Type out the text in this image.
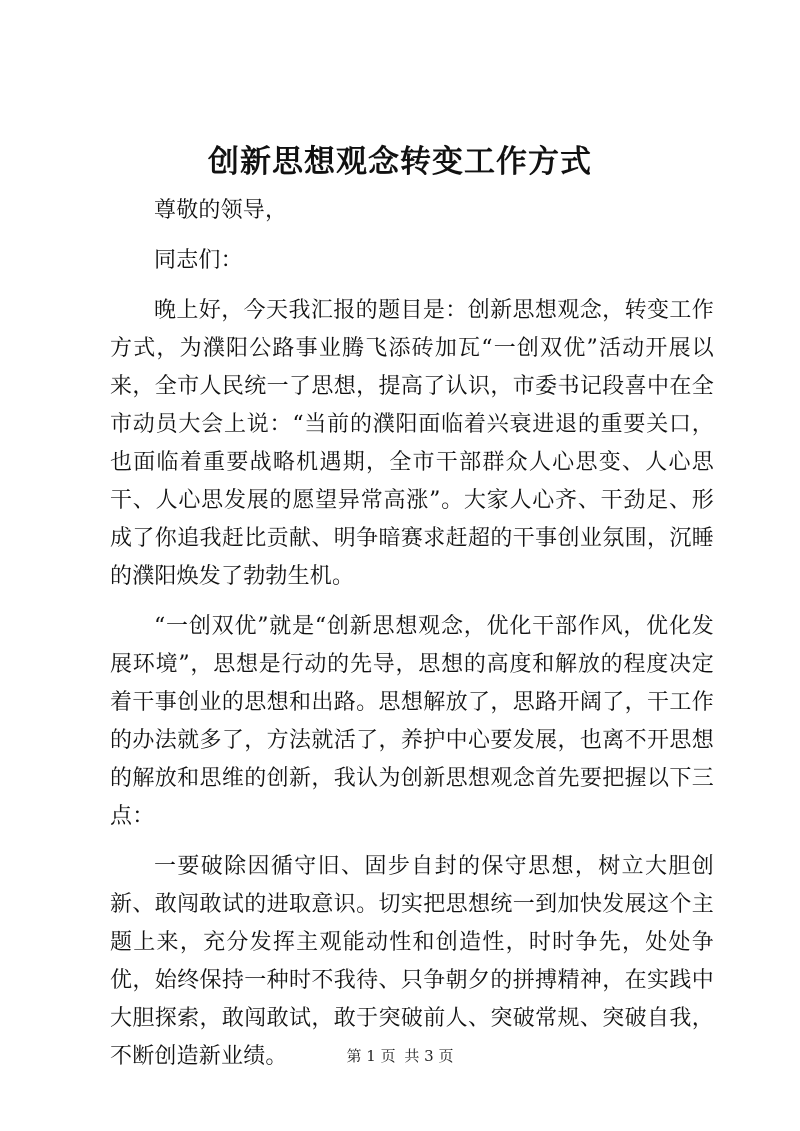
创新思想观念转变工作方式

尊敬的领导，

同志们：

晚上好，今天我汇报的题目是：创新思想观念，转变工作方式，为濮阳公路事业腾飞添砖加瓦“一创双优”活动开展以来，全市人民统一了思想，提高了认识，市委书记段喜中在全市动员大会上说：“当前的濮阳面临着兴衰进退的重要关口，也面临着重要战略机遇期，全市干部群众人心思变、人心思干、人心思发展的愿望异常高涨”。大家人心齐、干劲足、形成了你追我赶比贡献、明争暗赛求赶超的干事创业氛围，沉睡的濮阳焕发了勃勃生机。

“一创双优”就是“创新思想观念，优化干部作风，优化发展环境”，思想是行动的先导，思想的高度和解放的程度决定着干事创业的思想和出路。思想解放了，思路开阔了，干工作的办法就多了，方法就活了，养护中心要发展，也离不开思想的解放和思维的创新，我认为创新思想观念首先要把握以下三点：

一要破除因循守旧、固步自封的保守思想，树立大胆创新、敢闯敢试的进取意识。切实把思想统一到加快发展这个主题上来，充分发挥主观能动性和创造性，时时争先，处处争优，始终保持一种时不我待、只争朝夕的拼搏精神，在实践中大胆探索，敢闯敢试，敢于突破前人、突破常规、突破自我，不断创造新业绩。	第 1 页 共 3 页
